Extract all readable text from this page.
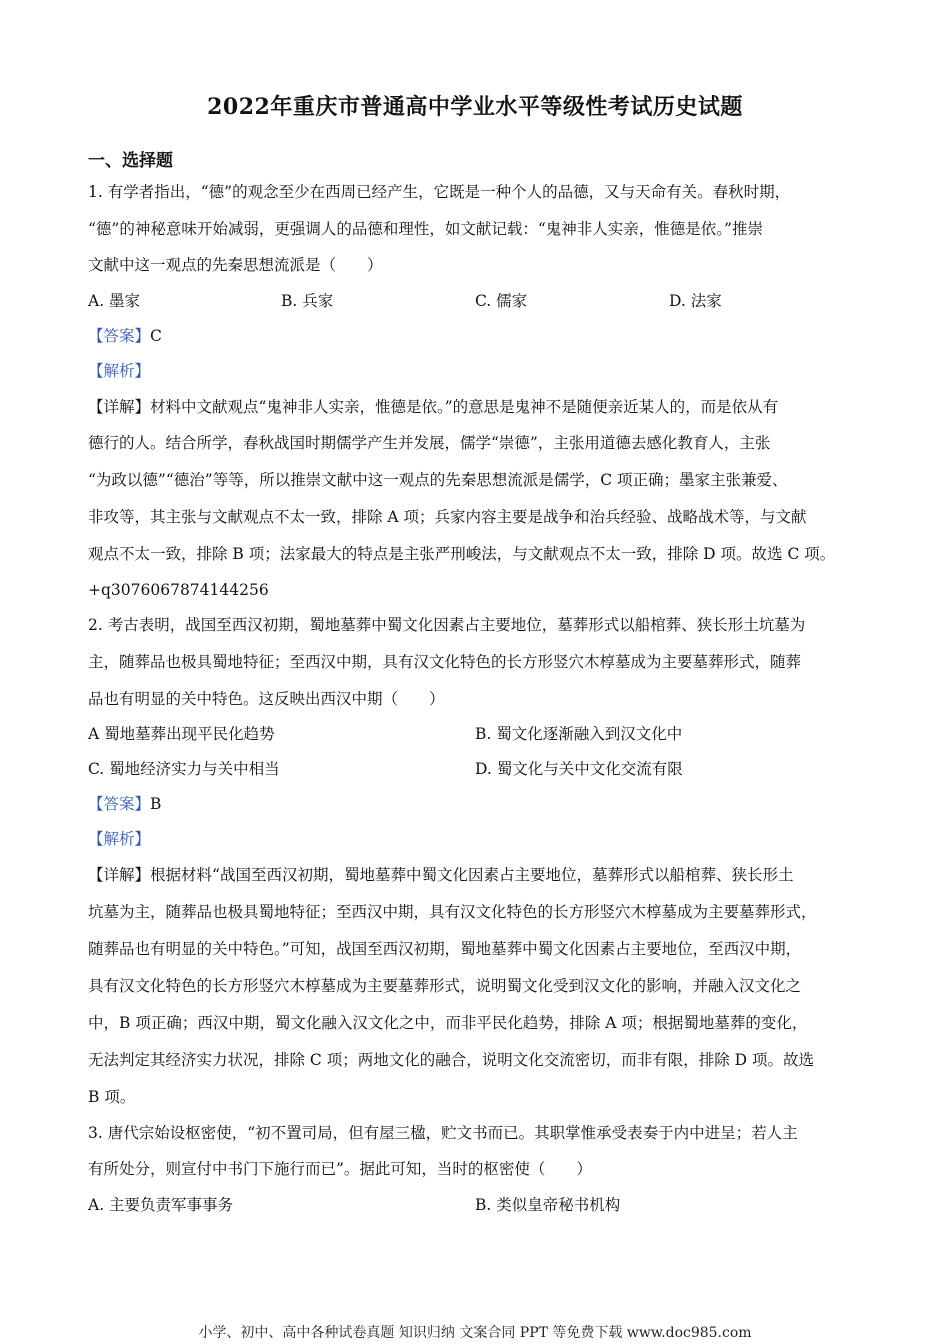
2022年重庆市普通高中学业水平等级性考试历史试题
一、选择题
1. 有学者指出，“德”的观念至少在西周已经产生，它既是一种个人的品德，又与天命有关。春秋时期，
“德”的神秘意味开始减弱，更强调人的品德和理性，如文献记载：“鬼神非人实亲，惟德是依。”推崇
文献中这一观点的先秦思想流派是（　　）
A. 墨家	B. 兵家	C. 儒家	D. 法家
【答案】C
【解析】
【详解】材料中文献观点“鬼神非人实亲，惟德是依。”的意思是鬼神不是随便亲近某人的，而是依从有
德行的人。结合所学，春秋战国时期儒学产生并发展，儒学“崇德”，主张用道德去感化教育人，主张
“为政以德”“德治”等等，所以推崇文献中这一观点的先秦思想流派是儒学，C 项正确；墨家主张兼爱、
非攻等，其主张与文献观点不太一致，排除 A 项；兵家内容主要是战争和治兵经验、战略战术等，与文献
观点不太一致，排除 B 项；法家最大的特点是主张严刑峻法，与文献观点不太一致，排除 D 项。故选 C 项。
+q3076067874144256
2. 考古表明，战国至西汉初期，蜀地墓葬中蜀文化因素占主要地位，墓葬形式以船棺葬、狭长形土坑墓为
主，随葬品也极具蜀地特征；至西汉中期，具有汉文化特色的长方形竖穴木椁墓成为主要墓葬形式，随葬
品也有明显的关中特色。这反映出西汉中期（　　）
A 蜀地墓葬出现平民化趋势	B. 蜀文化逐渐融入到汉文化中
C. 蜀地经济实力与关中相当	D. 蜀文化与关中文化交流有限
【答案】B
【解析】
【详解】根据材料“战国至西汉初期，蜀地墓葬中蜀文化因素占主要地位，墓葬形式以船棺葬、狭长形土
坑墓为主，随葬品也极具蜀地特征；至西汉中期，具有汉文化特色的长方形竖穴木椁墓成为主要墓葬形式，
随葬品也有明显的关中特色。”可知，战国至西汉初期，蜀地墓葬中蜀文化因素占主要地位，至西汉中期，
具有汉文化特色的长方形竖穴木椁墓成为主要墓葬形式，说明蜀文化受到汉文化的影响，并融入汉文化之
中，B 项正确；西汉中期，蜀文化融入汉文化之中，而非平民化趋势，排除 A 项；根据蜀地墓葬的变化，
无法判定其经济实力状况，排除 C 项；两地文化的融合，说明文化交流密切，而非有限，排除 D 项。故选
B 项。
3. 唐代宗始设枢密使，“初不置司局，但有屋三楹，贮文书而已。其职掌惟承受表奏于内中进呈；若人主
有所处分，则宣付中书门下施行而已”。据此可知，当时的枢密使（　　）
A. 主要负责军事事务	B. 类似皇帝秘书机构
小学、初中、高中各种试卷真题 知识归纳 文案合同 PPT 等免费下载 www.doc985.com
